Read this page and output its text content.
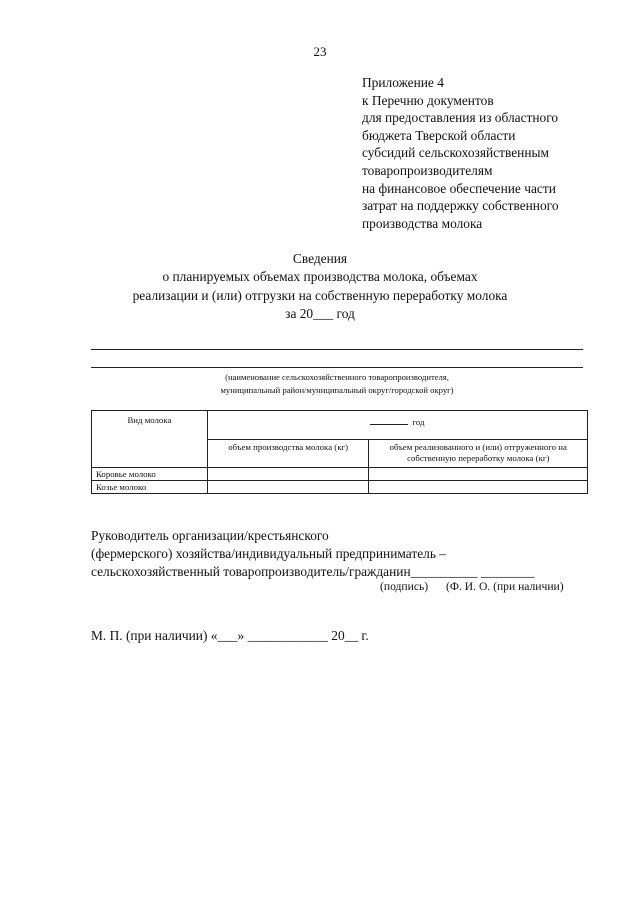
23
Приложение 4
к Перечню документов
для предоставления из областного
бюджета Тверской области
субсидий сельскохозяйственным
товаропроизводителям
на финансовое обеспечение части
затрат на поддержку собственного
производства молока
Сведения
о планируемых объемах производства молока, объемах
реализации и (или) отгрузки на собственную переработку молока
за 20___ год
(наименование сельскохозяйственного товаропроизводителя,
муниципальный район/муниципальный округ/городской округ)
Вид молока	год	
	объем производства молока (кг)	объем реализованного и (или) отгруженного на собственную переработку молока (кг)
Коровье молоко		
Козье молоко		
Руководитель организации/крестьянского
(фермерского) хозяйства/индивидуальный предприниматель –
сельскохозяйственный товаропроизводитель/гражданин__________ ________
(подпись) (Ф. И. О. (при наличии)
М. П. (при наличии) «___» ____________ 20__ г.
